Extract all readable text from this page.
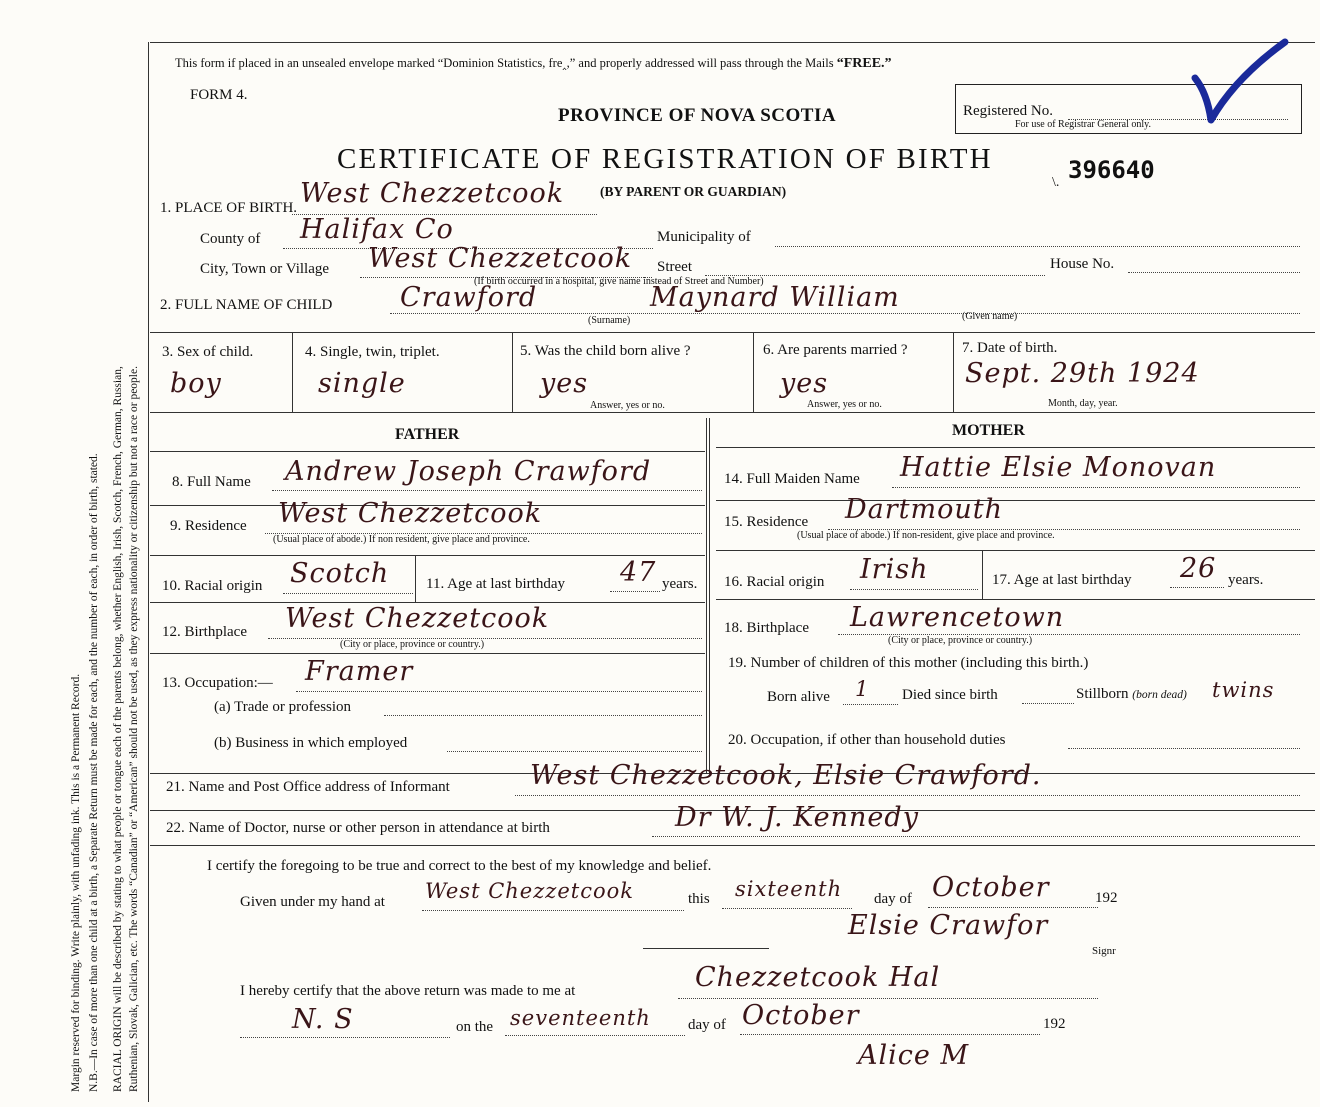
Margin reserved for binding. Write plainly, with unfading ink. This is a Permanent Record. N.B.—In case of more than one child at a birth, a Separate Return must be made for each, and the number of each, in order of birth, stated. RACIAL ORIGIN will be described by stating to what people or tongue each of the parents belong, whether English, Irish, Scotch, French, German, Russian, Ruthenian, Slovak, Galician, etc. The words “Canadian” or “American” should not be used, as they express nationality or citizenship but not a race or people.
This form if placed in an unsealed envelope marked “Dominion Statistics, fre‸,” and properly addressed will pass through the Mails “FREE.”
FORM 4.
PROVINCE OF NOVA SCOTIA	Registered No.
For use of Registrar General only.
CERTIFICATE OF REGISTRATION OF BIRTH
\. 396640
1. PLACE OF BIRTH. West Chezzetcook	(BY PARENT OR GUARDIAN)
County of Halifax Co	Municipality of
City, Town or Village West Chezzetcook Street
(If birth occurred in a hospital, give name instead of Street and Number)
House No.
2. FULL NAME OF CHILD	Crawford	Maynard William
(Surname)	(Given name)
3. Sex of child.
boy
4. Single, twin, triplet.
single
5. Was the child born alive ?
yes
Answer, yes or no.
6. Are parents married ?
yes
Answer, yes or no.
7. Date of birth.
Sept. 29th 1924
Month, day, year.
FATHER	MOTHER
8. Full Name Andrew Joseph Crawford
9. Residence West Chezzetcook
(Usual place of abode.) If non resident, give place and province.
10. Racial origin Scotch 11. Age at last birthday 47 years.
12. Birthplace West Chezzetcook
(City or place, province or country.)
13. Occupation:— Framer
(a) Trade or profession
(b) Business in which employed
14. Full Maiden Name Hattie Elsie Monovan
15. Residence Dartmouth
(Usual place of abode.) If non-resident, give place and province.
16. Racial origin Irish	17. Age at last birthday 26 years.
18. Birthplace Lawrencetown
(City or place, province or country.)
19. Number of children of this mother (including this birth.)
Born alive 1 Died since birth	Stillborn (born dead) twins
20. Occupation, if other than household duties
21. Name and Post Office address of Informant	West Chezzetcook, Elsie Crawford.
22. Name of Doctor, nurse or other person in attendance at birth	Dr W. J. Kennedy
I certify the foregoing to be true and correct to the best of my knowledge and belief.
Given under my hand at West Chezzetcook	this sixteenth day of October	192
Elsie Crawfor
Signr
I hereby certify that the above return was made to me at	Chezzetcook Hal
N. S	on the seventeenth day of October	192
Alice M
